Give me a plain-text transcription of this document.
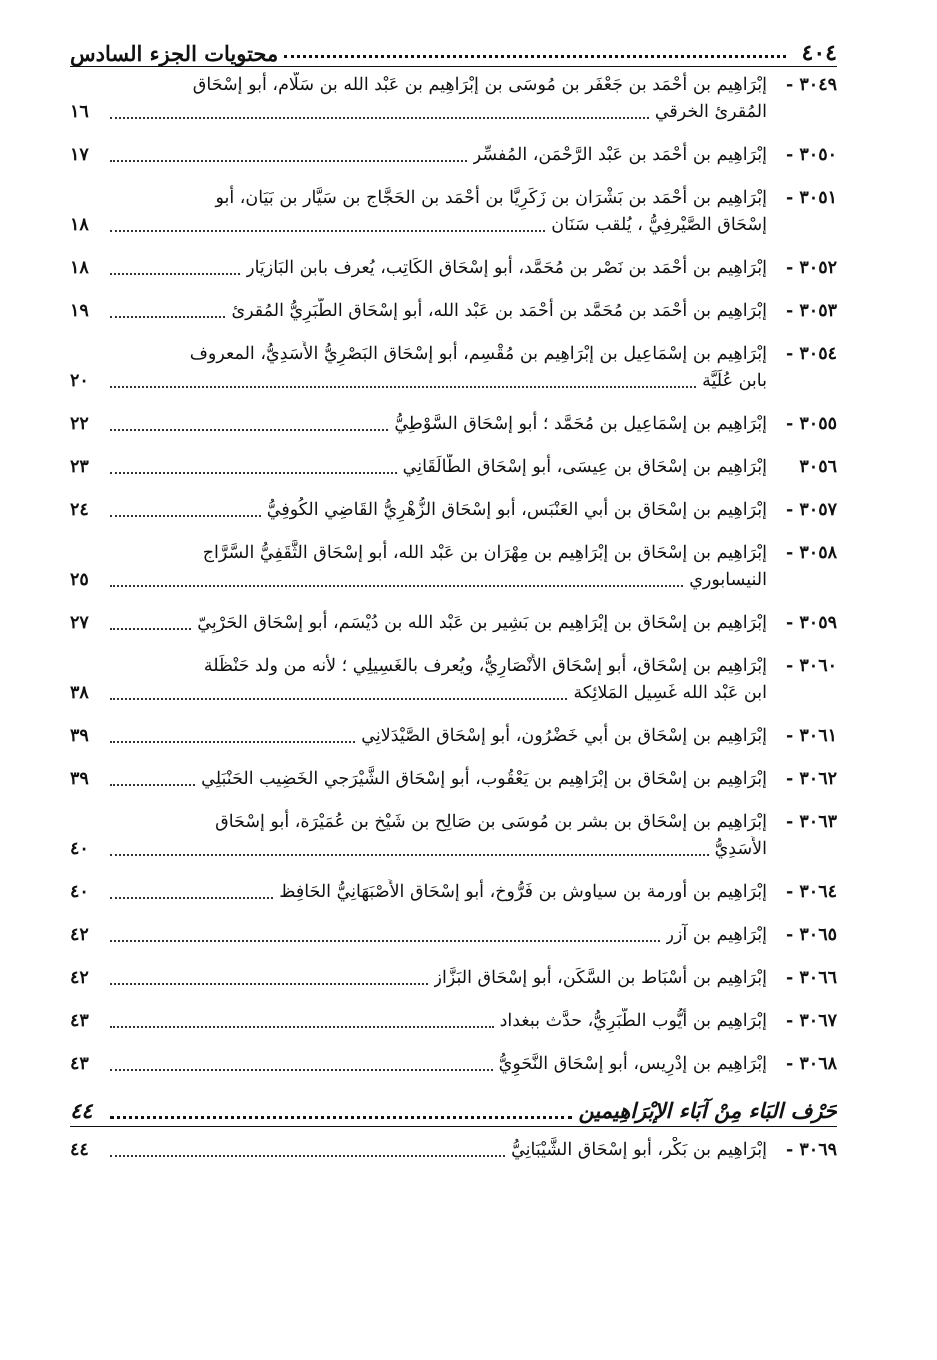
٤٠٤
محتويات الجزء السادس
٣٠٤٩ -
إبْرَاهِيم بن أَحْمَد بن جَعْفَر بن مُوسَى بن إبْرَاهِيم بن عَبْد الله بن سَلَّام، أبو إسْحَاق
المُقرئ الخرقي
١٦
٣٠٥٠ -
إبْرَاهِيم بن أَحْمَد بن عَبْد الرَّحْمَن، المُفسِّر
١٧
٣٠٥١ -
إبْرَاهِيم بن أَحْمَد بن بَشْرَان بن زَكَرِيَّا بن أَحْمَد بن الحَجَّاج بن سَيَّار بن بَيَان، أبو
إسْحَاق الصَّيْرفِيُّ ، يُلقب سَنَان
١٨
٣٠٥٢ -
إبْرَاهِيم بن أَحْمَد بن نَصْر بن مُحَمَّد، أبو إسْحَاق الكَاتِب، يُعرف بابن البَازيَار
١٨
٣٠٥٣ -
إبْرَاهِيم بن أَحْمَد بن مُحَمَّد بن أَحْمَد بن عَبْد الله، أبو إسْحَاق الطَّبَرِيُّ المُقرئ
١٩
٣٠٥٤ -
إبْرَاهِيم بن إسْمَاعِيل بن إبْرَاهِيم بن مُقْسِم، أبو إسْحَاق البَصْرِيُّ الأَسَدِيُّ، المعروف
بابن عُلَيَّة
٢٠
٣٠٥٥ -
إبْرَاهِيم بن إسْمَاعِيل بن مُحَمَّد ؛ أبو إسْحَاق السَّوْطِيُّ
٢٢
٣٠٥٦
إبْرَاهِيم بن إسْحَاق بن عِيسَى، أبو إسْحَاق الطَّالَقَانِي
٢٣
٣٠٥٧ -
إبْرَاهِيم بن إسْحَاق بن أبي العَنْبَس، أبو إسْحَاق الزُّهْرِيُّ القَاضِي الكُوفِيُّ
٢٤
٣٠٥٨ -
إبْرَاهِيم بن إسْحَاق بن إبْرَاهِيم بن مِهْرَان بن عَبْد الله، أبو إسْحَاق الثَّقَفِيُّ السَّرَّاج
النيسابوري
٢٥
٣٠٥٩ -
إبْرَاهِيم بن إسْحَاق بن إبْرَاهِيم بن بَشِير بن عَبْد الله بن دُيْسَم، أبو إسْحَاق الحَرْبِيّ
٢٧
٣٠٦٠ -
إبْرَاهِيم بن إسْحَاق، أبو إسْحَاق الأَنْصَارِيُّ، ويُعرف بالغَسِيلِي ؛ لأنه من ولد حَنْظَلة
ابن عَبْد الله غَسِيل المَلائِكة
٣٨
٣٠٦١ -
إبْرَاهِيم بن إسْحَاق بن أبي خَضْرُون، أبو إسْحَاق الصَّيْدَلانِي
٣٩
٣٠٦٢ -
إبْرَاهِيم بن إسْحَاق بن إبْرَاهِيم بن يَعْقُوب، أبو إسْحَاق الشَّيْرَجي الخَضِيب الحَنْبَلِي
٣٩
٣٠٦٣ -
إبْرَاهِيم بن إسْحَاق بن بشر بن مُوسَى بن صَالِح بن شَيْخ بن عُمَيْرَة، أبو إسْحَاق
الأَسَدِيُّ
٤٠
٣٠٦٤ -
إبْرَاهِيم بن أورمة بن سياوش بن فَرُّوخ، أبو إسْحَاق الأَصْبَهَانِيُّ الحَافِظ
٤٠
٣٠٦٥ -
إبْرَاهِيم بن آزر
٤٢
٣٠٦٦ -
إبْرَاهِيم بن أَسْبَاط بن السَّكَن، أبو إسْحَاق البَزَّاز
٤٢
٣٠٦٧ -
إبْرَاهِيم بن أَيُّوب الطَّبَرِيُّ، حدَّث ببغداد
٤٣
٣٠٦٨ -
إبْرَاهِيم بن إدْرِيس، أبو إسْحَاق النَّحَوِيُّ
٤٣
حَرْف البَاء مِنْ آبَاء الإبْرَاهِيمين
٤٤
٣٠٦٩ -
إبْرَاهِيم بن بَكْر، أبو إسْحَاق الشَّيْبَانِيُّ
٤٤
